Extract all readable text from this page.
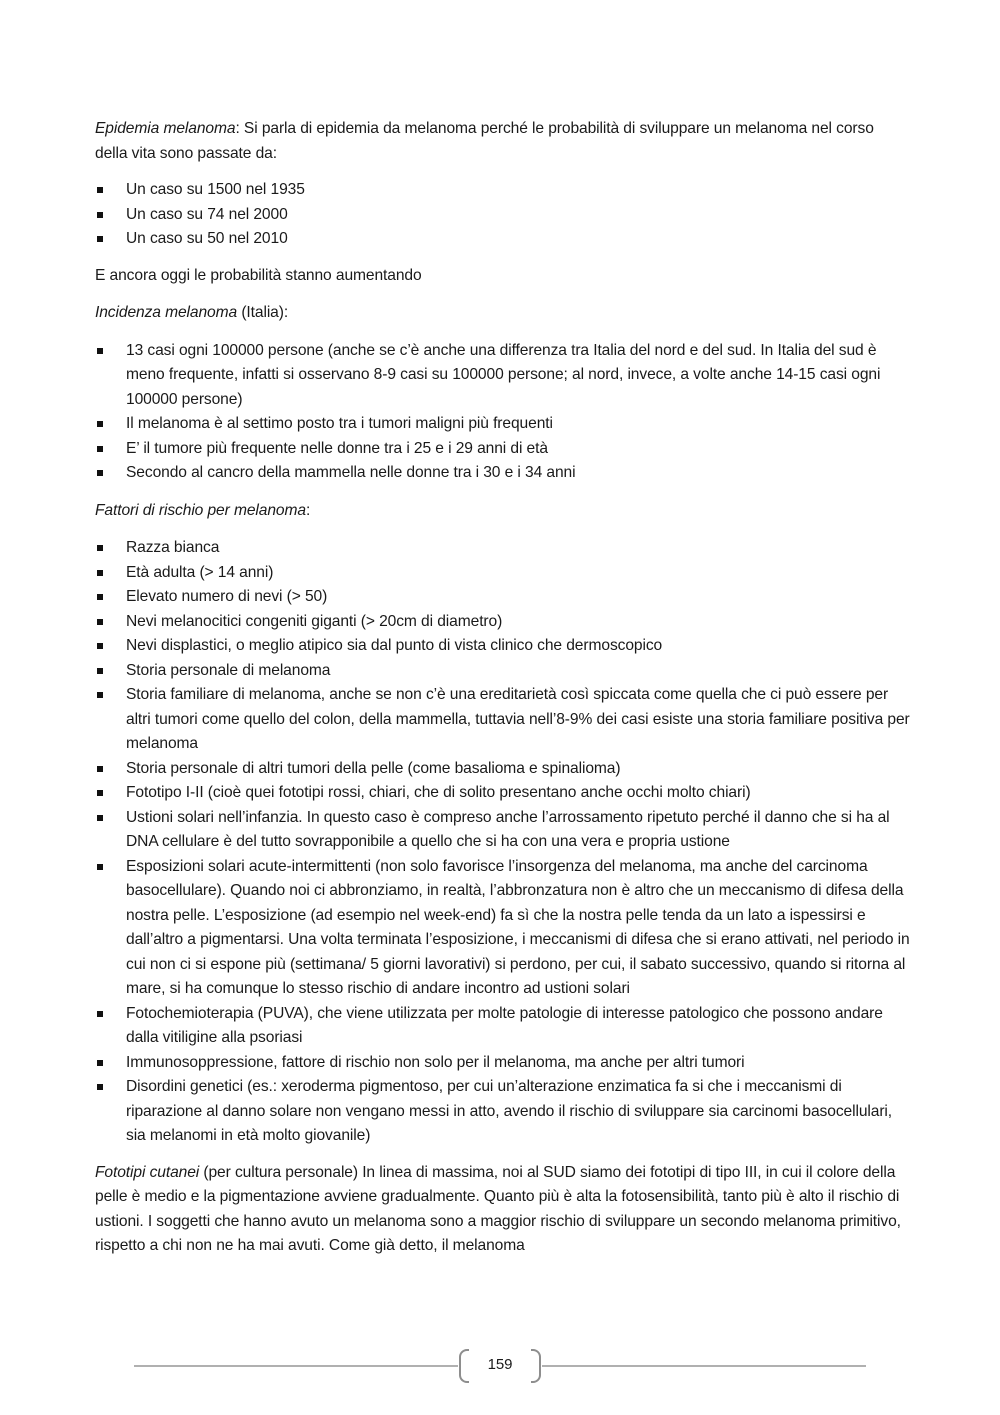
Epidemia melanoma: Si parla di epidemia da melanoma perché le probabilità di sviluppare un melanoma nel corso della vita sono passate da:

Un caso su 1500 nel 1935
Un caso su 74 nel 2000
Un caso su 50 nel 2010

E ancora oggi le probabilità stanno aumentando

Incidenza melanoma (Italia):

13 casi ogni 100000 persone (anche se c’è anche una differenza tra Italia del nord e del sud. In Italia del sud è meno frequente, infatti si osservano 8-9 casi su 100000 persone; al nord, invece, a volte anche 14-15 casi ogni 100000 persone)
Il melanoma è al settimo posto tra i tumori maligni più frequenti
E’ il tumore più frequente nelle donne tra i 25 e i 29 anni di età
Secondo al cancro della mammella nelle donne tra i 30 e i 34 anni

Fattori di rischio per melanoma:

Razza bianca
Età adulta (> 14 anni)
Elevato numero di nevi (> 50)
Nevi melanocitici congeniti giganti (> 20cm di diametro)
Nevi displastici, o meglio atipico sia dal punto di vista clinico che dermoscopico
Storia personale di melanoma
Storia familiare di melanoma, anche se non c’è una ereditarietà così spiccata come quella che ci può essere per altri tumori come quello del colon, della mammella, tuttavia nell’8-9% dei casi esiste una storia familiare positiva per melanoma
Storia personale di altri tumori della pelle (come basalioma e spinalioma)
Fototipo I-II (cioè quei fototipi rossi, chiari, che di solito presentano anche occhi molto chiari)
Ustioni solari nell’infanzia. In questo caso è compreso anche l’arrossamento ripetuto perché il danno che si ha al DNA cellulare è del tutto sovrapponibile a quello che si ha con una vera e propria ustione
Esposizioni solari acute-intermittenti (non solo favorisce l’insorgenza del melanoma, ma anche del carcinoma basocellulare). Quando noi ci abbronziamo, in realtà, l’abbronzatura non è altro che un meccanismo di difesa della nostra pelle. L’esposizione (ad esempio nel week-end) fa sì che la nostra pelle tenda da un lato a ispessirsi e dall’altro a pigmentarsi. Una volta terminata l’esposizione, i meccanismi di difesa che si erano attivati, nel periodo in cui non ci si espone più (settimana/ 5 giorni lavorativi) si perdono, per cui, il sabato successivo, quando si ritorna al mare, si ha comunque lo stesso rischio di andare incontro ad ustioni solari
Fotochemioterapia (PUVA), che viene utilizzata per molte patologie di interesse patologico che possono andare dalla vitiligine alla psoriasi
Immunosoppressione, fattore di rischio non solo per il melanoma, ma anche per altri tumori
Disordini genetici (es.: xeroderma pigmentoso, per cui un’alterazione enzimatica fa si che i meccanismi di riparazione al danno solare non vengano messi in atto, avendo il rischio di sviluppare sia carcinomi basocellulari, sia melanomi in età molto giovanile)

Fototipi cutanei (per cultura personale) In linea di massima, noi al SUD siamo dei fototipi di tipo III, in cui il colore della pelle è medio e la pigmentazione avviene gradualmente. Quanto più è alta la fotosensibilità, tanto più è alto il rischio di ustioni. I soggetti che hanno avuto un melanoma sono a maggior rischio di sviluppare un secondo melanoma primitivo, rispetto a chi non ne ha mai avuti. Come già detto, il melanoma

159
